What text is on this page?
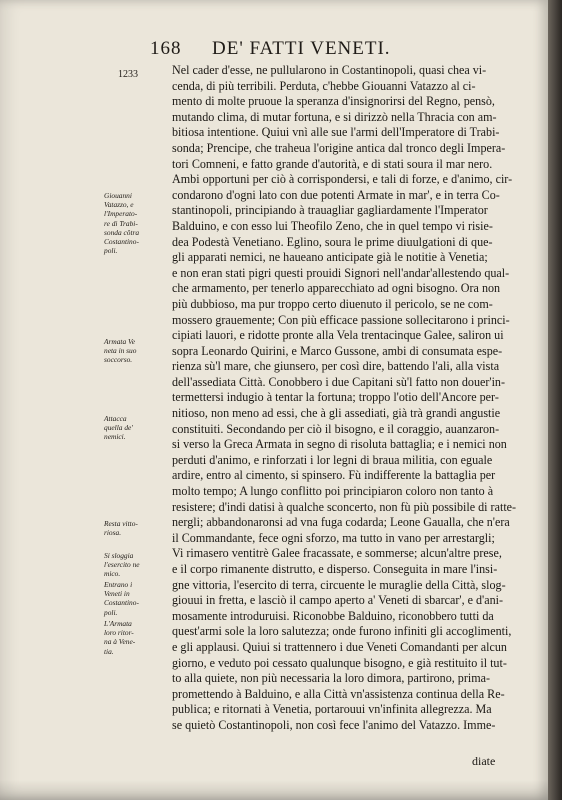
168 DE' FATTI VENETI.
1233	Nel cader d'esse, ne pullularono in Costantinopoli, quasi chea vi-
cenda, di più terribili. Perduta, c'hebbe Giouanni Vatazzo al ci-
mento di molte pruoue la speranza d'insignorirsi del Regno, pensò,
mutando clima, di mutar fortuna, e si dirizzò nella Thracia con am-
bitiosa intentione. Quiui vnì alle sue l'armi dell'Imperatore di Trabi-
sonda; Prencipe, che traheua l'origine antica dal tronco degli Impera-
tori Comneni, e fatto grande d'autorità, e di stati soura il mar nero.
Ambi opportuni per ciò à corrispondersi, e tali di forze, e d'animo, cir-
condarono d'ogni lato con due potenti Armate in mar', e in terra Co-
stantinopoli, principiando à trauagliar gagliardamente l'Imperator
Balduino, e con esso lui Theofilo Zeno, che in quel tempo vi risie-
dea Podestà Venetiano. Eglino, soura le prime diuulgationi di que-
gli apparati nemici, ne haueano anticipate già le notitie à Venetia;
e non eran stati pigri questi prouidi Signori nell'andar'allestendo qual-
che armamento, per tenerlo apparecchiato ad ogni bisogno. Ora non
più dubbioso, ma pur troppo certo diuenuto il pericolo, se ne com-
mossero grauemente; Con più efficace passione sollecitarono i princi-
cipiati lauori, e ridotte pronte alla Vela trentacinque Galee, saliron ui
sopra Leonardo Quirini, e Marco Gussone, ambi di consumata espe-
rienza sù'l mare, che giunsero, per così dire, battendo l'ali, alla vista
dell'assediata Città. Conobbero i due Capitani sù'l fatto non douer'in-
termettersi indugio à tentar la fortuna; troppo l'otio dell'Ancore per-
nitioso, non meno ad essi, che à gli assediati, già trà grandi angustie
constituiti. Secondando per ciò il bisogno, e il coraggio, auanzaron-
si verso la Greca Armata in segno di risoluta battaglia; e i nemici non
perduti d'animo, e rinforzati i lor legni di braua militia, con eguale
ardire, entro al cimento, si spinsero. Fù indifferente la battaglia per
molto tempo; A lungo conflitto poi principiaron coloro non tanto à
resistere; d'indi datisi à qualche sconcerto, non fù più possibile di ratte-
nergli; abbandonaronsi ad vna fuga codarda; Leone Gaualla, che n'era
il Commandante, fece ogni sforzo, ma tutto in vano per arrestargli;
Vi rimasero ventitrè Galee fracassate, e sommerse; alcun'altre prese,
e il corpo rimanente distrutto, e disperso. Conseguita in mare l'insi-
gne vittoria, l'esercito di terra, circuente le muraglie della Città, slog-
giouui in fretta, e lasciò il campo aperto a' Veneti di sbarcar', e d'ani-
mosamente introduruisi. Riconobbe Balduino, riconobbero tutti da
quest'armi sole la loro salutezza; onde furono infiniti gli accoglimenti,
e gli applausi. Quiui si trattennero i due Veneti Comandanti per alcun
giorno, e veduto poi cessato qualunque bisogno, e già restituito il tut-
to alla quiete, non più necessaria la loro dimora, partirono, prima-
promettendo à Balduino, e alla Città vn'assistenza continua della Re-
publica; e ritornati à Venetia, portarouui vn'infinita allegrezza. Ma
se quietò Costantinopoli, non così fece l'animo del Vatazzo. Imme-
Giouanni
Vatazzo, e
l'Imperato-
re di Trabi-
sonda côtra
Costantino-
poli.
Armata Ve
neta in suo
soccorso.
Attacca
quella de'
nemici.
Resta vitto-
riosa.
Si sloggia
l'esercito ne
mico.
Entrano i
Veneti in
Costantino-
poli.
L'Armata
loro ritor-
na à Vene-
tia.
diate
